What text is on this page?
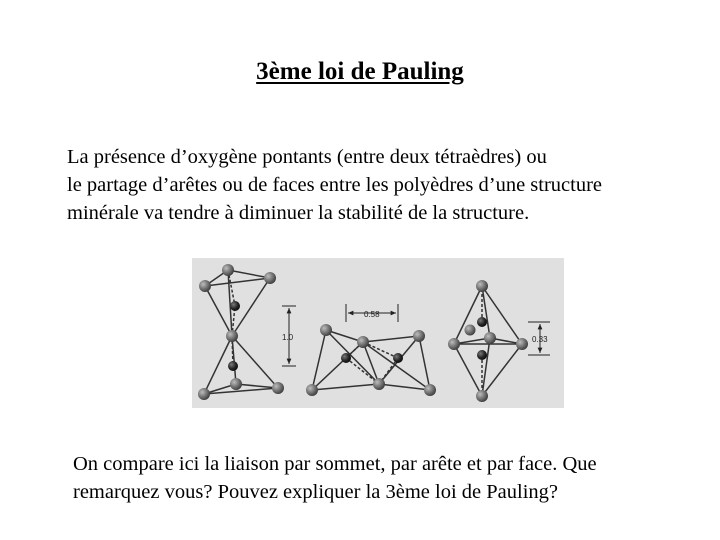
3ème loi de Pauling
La présence d’oxygène pontants (entre deux tétraèdres) ou
le partage d’arêtes ou de faces entre les polyèdres d’une structure
minérale va tendre à diminuer la stabilité de la structure.
1.0
0.58
0.33
On compare ici la liaison par sommet, par arête et par face. Que
remarquez vous? Pouvez expliquer la 3ème loi de Pauling?
